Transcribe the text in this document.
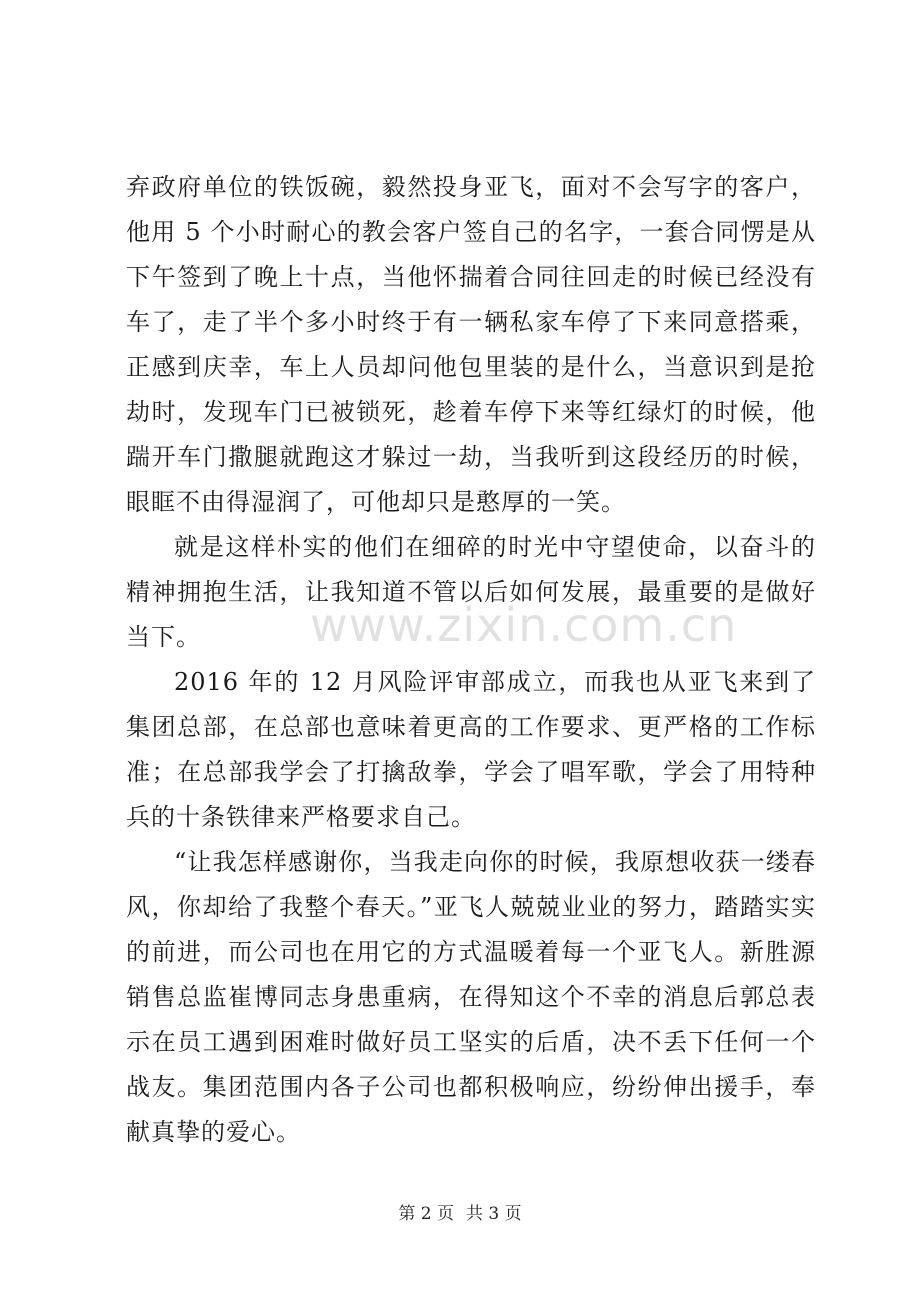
弃政府单位的铁饭碗，毅然投身亚飞，面对不会写字的客户，他用 5 个小时耐心的教会客户签自己的名字，一套合同愣是从下午签到了晚上十点，当他怀揣着合同往回走的时候已经没有车了，走了半个多小时终于有一辆私家车停了下来同意搭乘，正感到庆幸，车上人员却问他包里装的是什么，当意识到是抢劫时，发现车门已被锁死，趁着车停下来等红绿灯的时候，他踹开车门撒腿就跑这才躲过一劫，当我听到这段经历的时候，眼眶不由得湿润了，可他却只是憨厚的一笑。

就是这样朴实的他们在细碎的时光中守望使命，以奋斗的精神拥抱生活，让我知道不管以后如何发展，最重要的是做好当下。

2016 年的 12 月风险评审部成立，而我也从亚飞来到了集团总部，在总部也意味着更高的工作要求、更严格的工作标准；在总部我学会了打擒敌拳，学会了唱军歌，学会了用特种兵的十条铁律来严格要求自己。

“让我怎样感谢你，当我走向你的时候，我原想收获一缕春风，你却给了我整个春天。”亚飞人兢兢业业的努力，踏踏实实的前进，而公司也在用它的方式温暖着每一个亚飞人。新胜源销售总监崔博同志身患重病，在得知这个不幸的消息后郭总表示在员工遇到困难时做好员工坚实的后盾，决不丢下任何一个战友。集团范围内各子公司也都积极响应，纷纷伸出援手，奉献真挚的爱心。

www.zixin.com.cn
第 2 页 共 3 页
